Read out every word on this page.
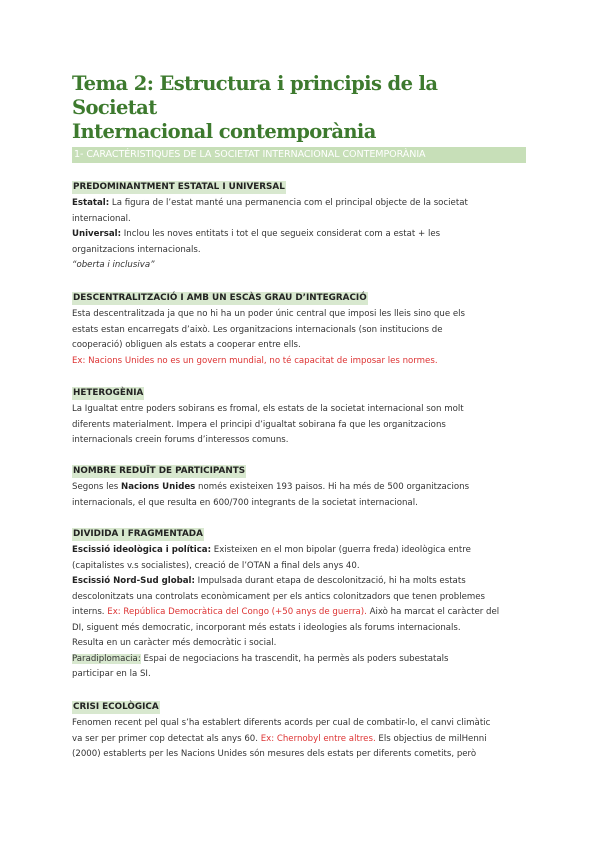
Tema 2: Estructura i principis de la Societat
Internacional contemporània
1- CARACTÉRISTIQUES DE LA SOCIETAT INTERNACIONAL CONTEMPORÀNIA
PREDOMINANTMENT ESTATAL I UNIVERSAL

Estatal: La figura de l’estat manté una permanencia com el principal objecte de la societat

internacional.

Universal: Inclou les noves entitats i tot el que segueix considerat com a estat + les

organitzacions internacionals.

“oberta i inclusiva”

DESCENTRALITZACIÓ I AMB UN ESCÀS GRAU D’INTEGRACIÓ

Esta descentralitzada ja que no hi ha un poder únic central que imposi les lleis sino que els

estats estan encarregats d’això. Les organitzacions internacionals (son institucions de

cooperació) obliguen als estats a cooperar entre ells.

Ex: Nacions Unides no es un govern mundial, no té capacitat de imposar les normes.

HETEROGÈNIA

La Igualtat entre poders sobirans es fromal, els estats de la societat internacional son molt

diferents materialment. Impera el principi d’igualtat sobirana fa que les organitzacions

internacionals creein forums d’interessos comuns.

NOMBRE REDUÏT DE PARTICIPANTS

Segons les Nacions Unides només existeixen 193 paisos. Hi ha més de 500 organitzacions

internacionals, el que resulta en 600/700 integrants de la societat internacional.

DIVIDIDA I FRAGMENTADA

Escissió ideològica i política: Existeixen en el mon bipolar (guerra freda) ideològica entre

(capitalistes v.s socialistes), creació de l’OTAN a final dels anys 40.

Escissió Nord-Sud global: Impulsada durant etapa de descolonització, hi ha molts estats

descolonitzats una controlats econòmicament per els antics colonitzadors que tenen problemes

interns. Ex: República Democràtica del Congo (+50 anys de guerra). Això ha marcat el caràcter del

DI, siguent més democratic, incorporant més estats i ideologies als forums internacionals.

Resulta en un caràcter més democràtic i social.

Paradiplomacia: Espai de negociacions ha trascendit, ha permès als poders subestatals

participar en la SI.

CRISI ECOLÒGICA

Fenomen recent pel qual s’ha establert diferents acords per cual de combatir-lo, el canvi climàtic

va ser per primer cop detectat als anys 60. Ex: Chernobyl entre altres. Els objectius de milΗenni

(2000) establerts per les Nacions Unides són mesures dels estats per diferents cometits, però
